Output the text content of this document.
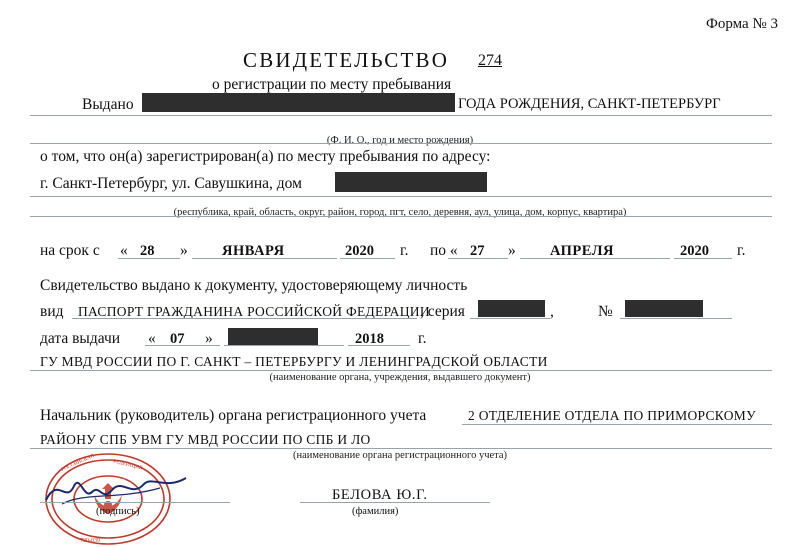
Форма № 3
СВИДЕТЕЛЬСТВО 274
о регистрации по месту пребывания
Выдано	ГОДА РОЖДЕНИЯ, САНКТ-ПЕТЕРБУРГ
(Ф. И. О., год и место рождения)
о том, что он(а) зарегистрирован(а) по месту пребывания по адресу:
г. Санкт-Петербург, ул. Савушкина, дом
(республика, край, область, округ, район, город, пгт, село, деревня, аул, улица, дом, корпус, квартира)
на срок с « 28 » ЯНВАРЯ	2020 г. по « 27 » АПРЕЛЯ	2020 г.
Свидетельство выдано к документу, удостоверяющему личность
вид ПАСПОРТ ГРАЖДАНИНА РОССИЙСКОЙ ФЕДЕРАЦИИ
, серия	,	№
дата выдачи « 07 »	2018 г.
ГУ МВД РОССИИ ПО Г. САНКТ – ПЕТЕРБУРГУ И ЛЕНИНГРАДСКОЙ ОБЛАСТИ
(наименование органа, учреждения, выдавшего документ)
Начальник (руководитель) органа регистрационного учета	2 ОТДЕЛЕНИЕ ОТДЕЛА ПО ПРИМОРСКОМУ
РАЙОНУ СПБ УВМ ГУ МВД РОССИИ ПО СПБ И ЛО
(наименование органа регистрационного учета)
РОССИЙСКАЯ	ФЕДЕРАЦИЯ
780-039
(подпись)
БЕЛОВА Ю.Г.
(фамилия)
